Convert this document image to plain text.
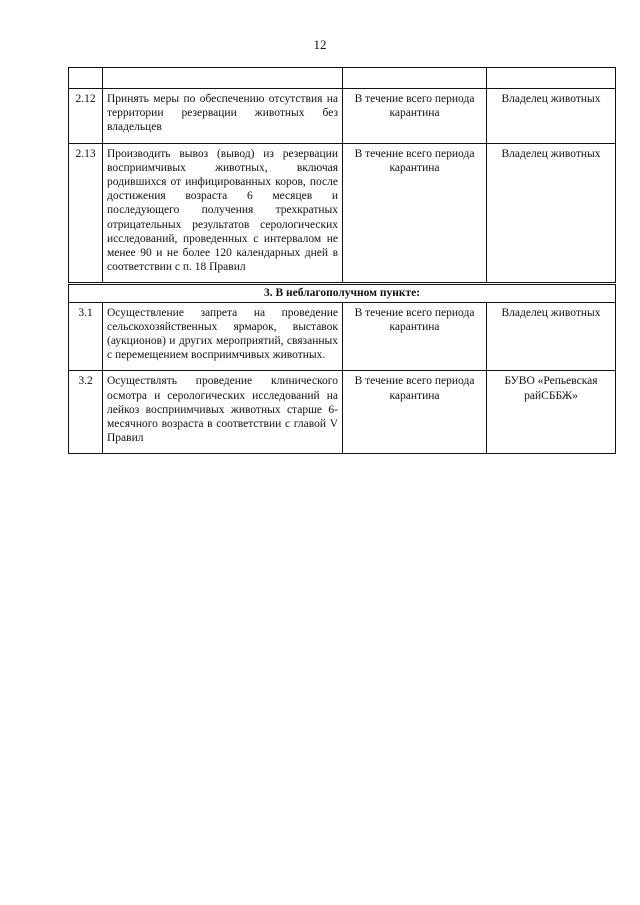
12

2.12	Принять меры по обеспечению отсутствия на территории резервации животных без владельцев	В течение всего периода карантина	Владелец животных
2.13	Производить вывоз (вывод) из резервации восприимчивых животных, включая родившихся от инфицированных коров, после достижения возраста 6 месяцев и последующего получения трехкратных отрицательных результатов серологических исследований, проведенных с интервалом не менее 90 и не более 120 календарных дней в соответствии с п. 18 Правил	В течение всего периода карантина	Владелец животных
3. В неблагополучном пункте:			
3.1	Осуществление запрета на проведение сельскохозяйственных ярмарок, выставок (аукционов) и других мероприятий, связанных с перемещением восприимчивых животных.	В течение всего периода карантина	Владелец животных
3.2	Осуществлять проведение клинического осмотра и серологических исследований на лейкоз восприимчивых животных старше 6-месячного возраста в соответствии с главой V Правил	В течение всего периода карантина	БУВО «Репьевская райСББЖ»
